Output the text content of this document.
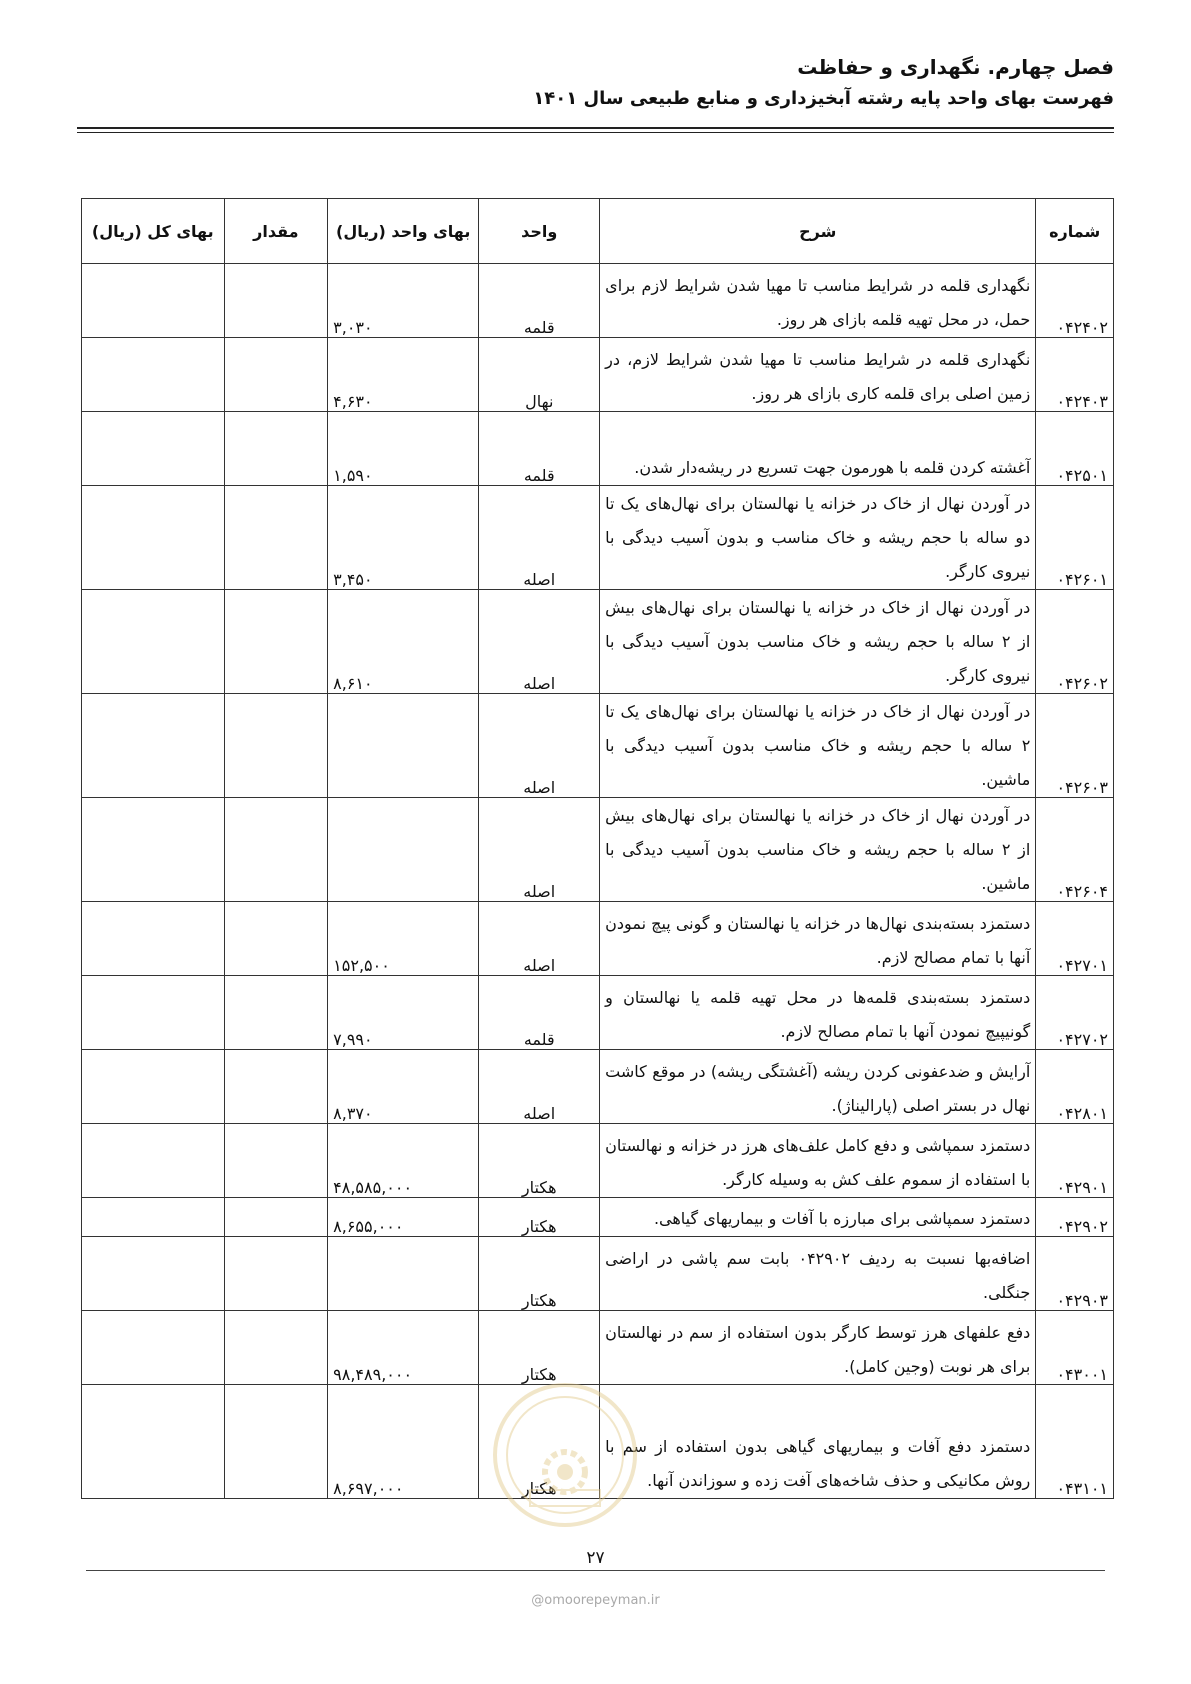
فصل چهارم. نگهداری و حفاظت
فهرست بهای واحد پایه رشته آبخیزداری و منابع طبیعی سال ۱۴۰۱
شماره	شرح	واحد	بهای واحد (ریال)	مقدار	بهای کل (ریال)
۰۴۲۴۰۲	نگهداری قلمه در شرایط مناسب تا مهیا شدن شرایط لازم برای حمل، در محل تهیه قلمه بازای هر روز.	قلمه	۳,۰۳۰		
۰۴۲۴۰۳	نگهداری قلمه در شرایط مناسب تا مهیا شدن شرایط لازم، در زمین اصلی برای قلمه کاری بازای هر روز.	نهال	۴,۶۳۰		
۰۴۲۵۰۱	آغشته کردن قلمه با هورمون جهت تسریع در ریشه‌دار شدن.	قلمه	۱,۵۹۰		
۰۴۲۶۰۱	در آوردن نهال از خاک در خزانه یا نهالستان برای نهال‌های یک تا دو ساله با حجم ریشه و خاک مناسب و بدون آسیب دیدگی با نیروی کارگر.	اصله	۳,۴۵۰		
۰۴۲۶۰۲	در آوردن نهال از خاک در خزانه یا نهالستان برای نهال‌های بیش از ۲ ساله با حجم ریشه و خاک مناسب بدون آسیب دیدگی با نیروی کارگر.	اصله	۸,۶۱۰		
۰۴۲۶۰۳	در آوردن نهال از خاک در خزانه یا نهالستان برای نهال‌های یک تا ۲ ساله با حجم ریشه و خاک مناسب بدون آسیب دیدگی با ماشین.	اصله			
۰۴۲۶۰۴	در آوردن نهال از خاک در خزانه یا نهالستان برای نهال‌های بیش از ۲ ساله با حجم ریشه و خاک مناسب بدون آسیب دیدگی با ماشین.	اصله			
۰۴۲۷۰۱	دستمزد بسته‌بندی نهال‌ها در خزانه یا نهالستان و گونی پیچ نمودن آنها با تمام مصالح لازم.	اصله	۱۵۲,۵۰۰		
۰۴۲۷۰۲	دستمزد بسته‌بندی قلمه‌ها در محل تهیه قلمه یا نهالستان و گونیپیچ نمودن آنها با تمام مصالح لازم.	قلمه	۷,۹۹۰		
۰۴۲۸۰۱	آرایش و ضدعفونی کردن ریشه (آغشتگی ریشه) در موقع کاشت نهال در بستر اصلی (پارالیناژ).	اصله	۸,۳۷۰		
۰۴۲۹۰۱	دستمزد سمپاشی و دفع کامل علف‌های هرز در خزانه و نهالستان با استفاده از سموم علف کش به وسیله کارگر.	هکتار	۴۸,۵۸۵,۰۰۰		
۰۴۲۹۰۲	دستمزد سمپاشی برای مبارزه با آفات و بیماریهای گیاهی.	هکتار	۸,۶۵۵,۰۰۰		
۰۴۲۹۰۳	اضافه‌بها نسبت به ردیف ۰۴۲۹۰۲ بابت سم پاشی در اراضی جنگلی.	هکتار			
۰۴۳۰۰۱	دفع علفهای هرز توسط کارگر بدون استفاده از سم در نهالستان برای هر نوبت (وجین کامل).	هکتار	۹۸,۴۸۹,۰۰۰		
۰۴۳۱۰۱	دستمزد دفع آفات و بیماریهای گیاهی بدون استفاده از سم با روش مکانیکی و حذف شاخه‌های آفت زده و سوزاندن آنها.	هکتار	۸,۶۹۷,۰۰۰		
۲۷
@omoorepeyman.ir
